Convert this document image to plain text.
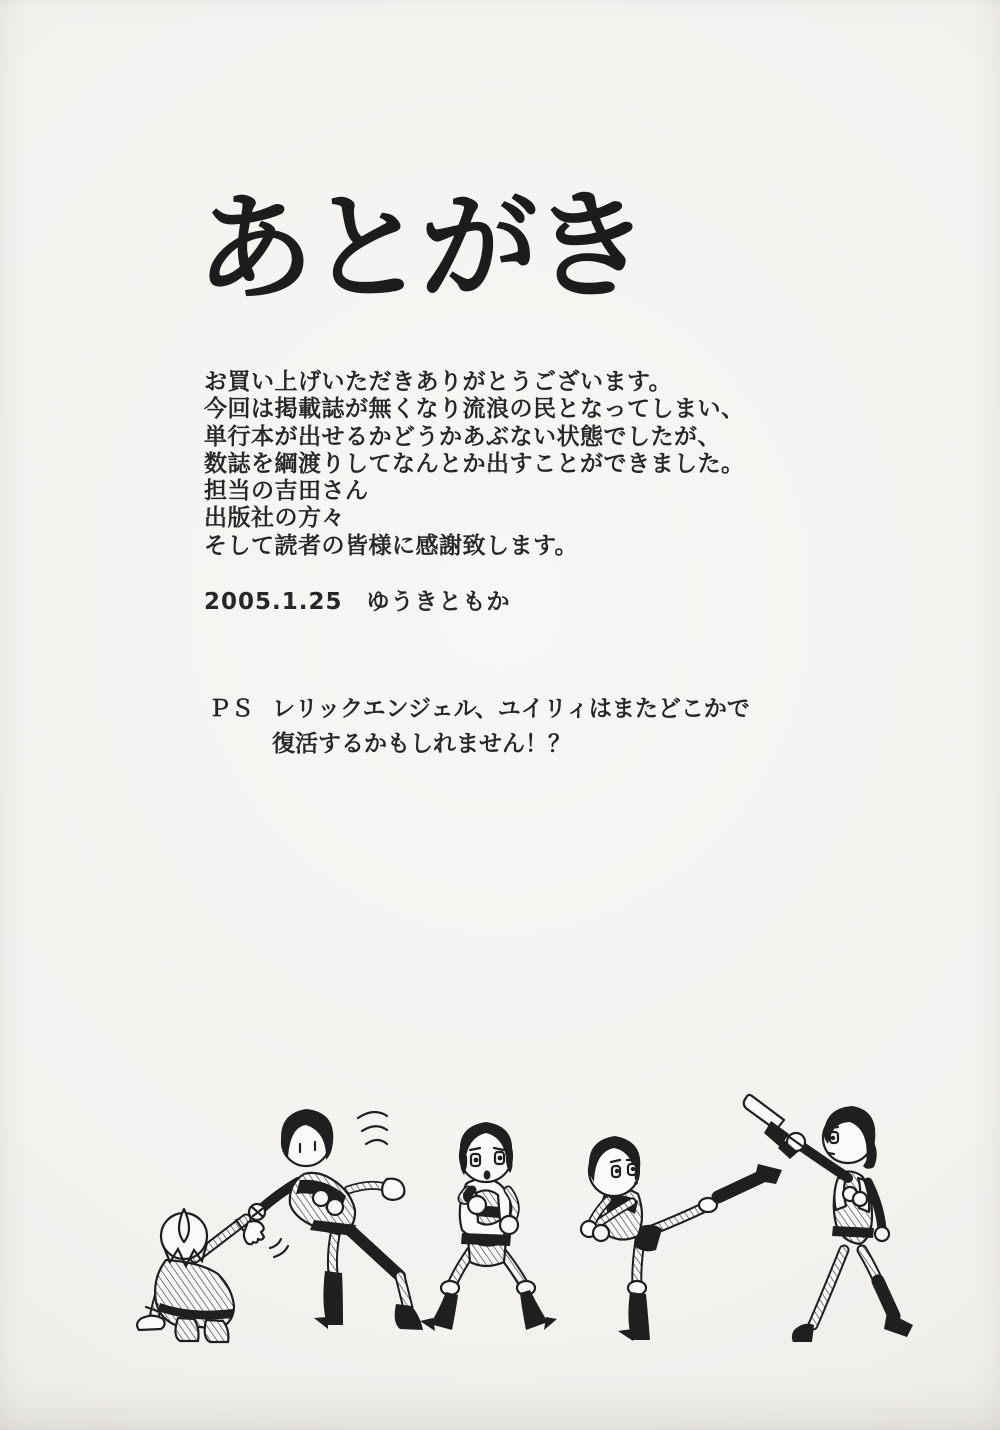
あとがき
お買い上げいただきありがとうございます。
今回は掲載誌が無くなり流浪の民となってしまい、
単行本が出せるかどうかあぶない状態でしたが、
数誌を綱渡りしてなんとか出すことができました。
担当の吉田さん
出版社の方々
そして読者の皆様に感謝致します。
2005.1.25　ゆうきともか
ＰＳ レリックエンジェル、ユイリィはまたどこかで
復活するかもしれません！？
